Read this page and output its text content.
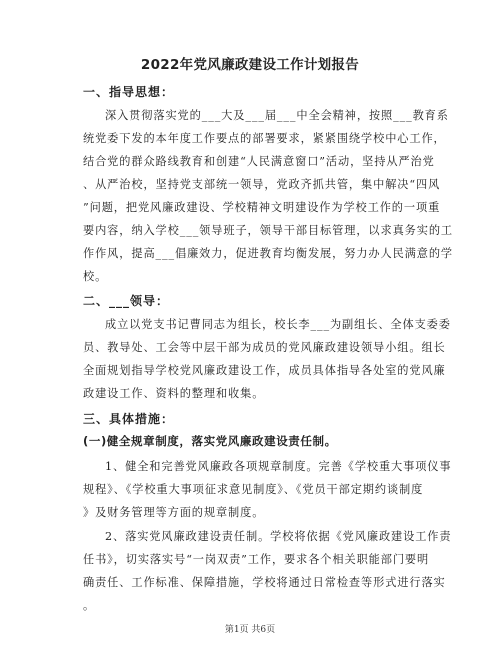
2022年党风廉政建设工作计划报告
一、指导思想：
深入贯彻落实党的___大及___届___中全会精神，按照___教育系
统党委下发的本年度工作要点的部署要求，紧紧围绕学校中心工作，
结合党的群众路线教育和创建“人民满意窗口”活动，坚持从严治党
、从严治校，坚持党支部统一领导，党政齐抓共管，集中解决“四风
”问题，把党风廉政建设、学校精神文明建设作为学校工作的一项重
要内容，纳入学校___领导班子，领导干部目标管理，以求真务实的工
作作风，提高___倡廉效力，促进教育均衡发展，努力办人民满意的学
校。
二、___领导：
成立以党支书记曹同志为组长，校长李___为副组长、全体支委委
员、教导处、工会等中层干部为成员的党风廉政建设领导小组。组长
全面规划指导学校党风廉政建设工作，成员具体指导各处室的党风廉
政建设工作、资料的整理和收集。
三、具体措施：
(一)健全规章制度，落实党风廉政建设责任制。
1、健全和完善党风廉政各项规章制度。完善《学校重大事项仪事
规程》、《学校重大事项征求意见制度》、《党员干部定期约谈制度
》及财务管理等方面的规章制度。
2、落实党风廉政建设责任制。学校将依据《党风廉政建设工作责
任书》，切实落实号“一岗双责”工作，要求各个相关职能部门要明
确责任、工作标准、保障措施，学校将通过日常检查等形式进行落实
。
第1页 共6页
